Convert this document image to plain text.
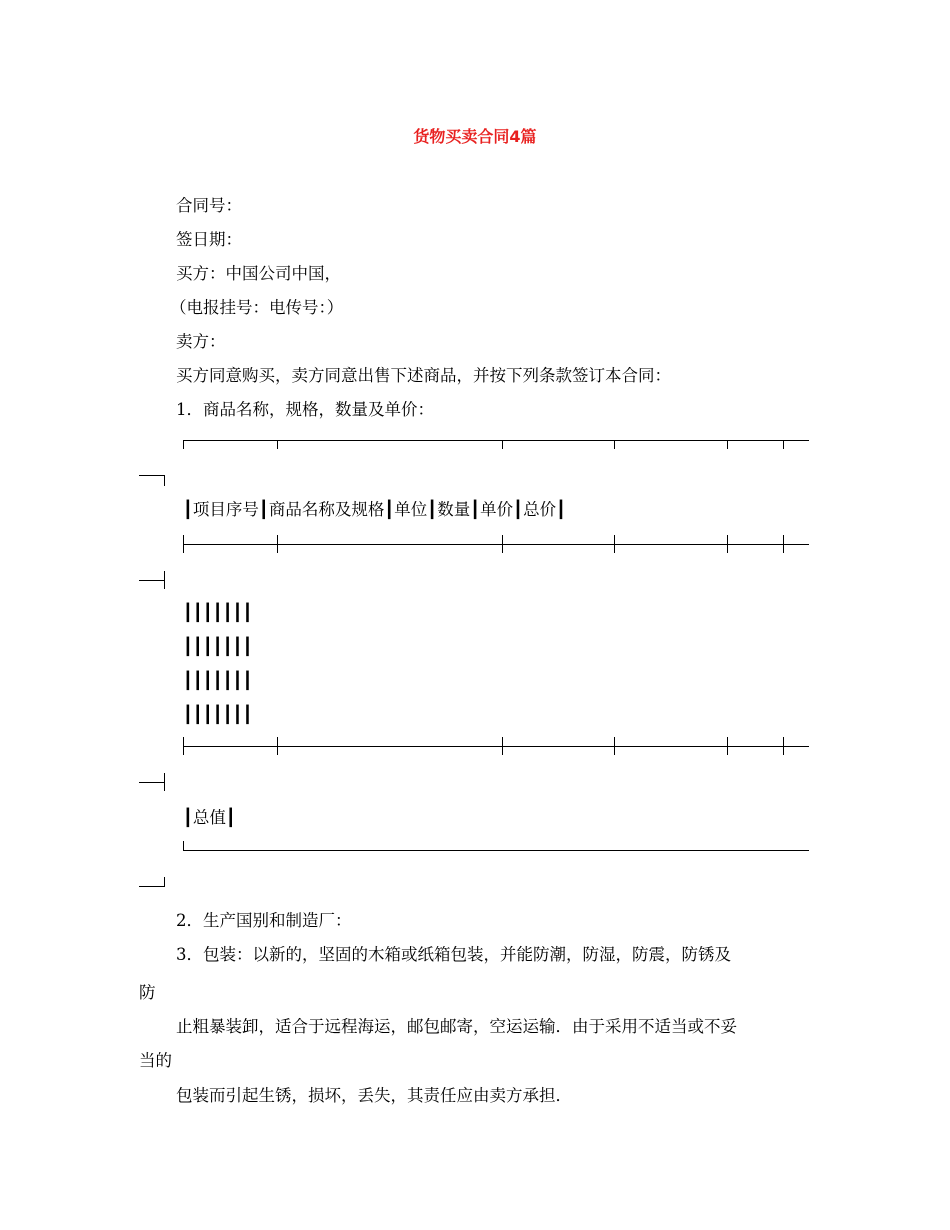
货物买卖合同4篇
合同号：
签日期：
买方：中国公司中国，
（电报挂号：电传号：）
卖方：
买方同意购买，卖方同意出售下述商品，并按下列条款签订本合同：
1．商品名称，规格，数量及单价：
┃项目序号┃商品名称及规格┃单位┃数量┃单价┃总价┃
┃┃┃┃┃┃┃
┃┃┃┃┃┃┃
┃┃┃┃┃┃┃
┃┃┃┃┃┃┃
┃总值┃
2．生产国别和制造厂：
3．包装：以新的，坚固的木箱或纸箱包装，并能防潮，防湿，防震，防锈及
防
止粗暴装卸，适合于远程海运，邮包邮寄，空运运输．由于采用不适当或不妥
当的
包装而引起生锈，损坏，丢失，其责任应由卖方承担．
